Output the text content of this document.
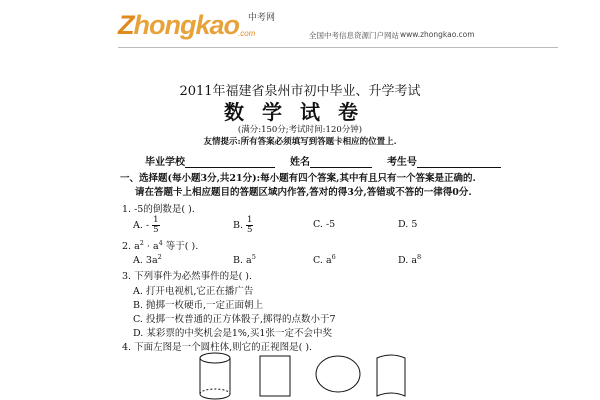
Zhongkao 中考网
.com	全国中考信息资源门户网站 www.zhongkao.com
2011年福建省泉州市初中毕业、升学考试
数学试卷
(满分:150分;考试时间:120分钟)
友情提示:所有答案必须填写到答题卡相应的位置上.
毕业学校	姓名	考生号
一、选择题(每小题3分,共21分):每小题有四个答案,其中有且只有一个答案是正确的.
请在答题卡上相应题目的答题区域内作答,答对的得3分,答错或不答的一律得0分.
1. -5的倒数是( ).
A. - $\frac{1}{5}$	B. $\frac{1}{5}$	C. -5	D. 5
2. $a^2 \cdot a^4$ 等于( ).
A. $3a^2$	B. $a^5$	C. $a^6$	D. $a^8$
3. 下列事件为必然事件的是( ).
A. 打开电视机,它正在播广告
B. 抛掷一枚硬币,一定正面朝上
C. 投掷一枚普通的正方体骰子,掷得的点数小于7
D. 某彩票的中奖机会是1%,买1张一定不会中奖
4. 下面左图是一个圆柱体,则它的正视图是( ).
